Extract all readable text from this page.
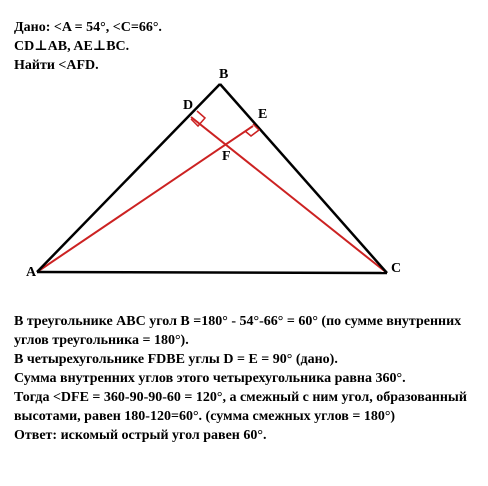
Дано: <A = 54°, <C=66°.
CD⊥AB, AE⊥BC.
Найти <AFD.
A
B
C
D
E
F
В треугольнике ABC угол B =180° - 54°-66° = 60° (по сумме внутренних углов треугольника = 180°).
В четырехугольнике FDBE углы D = E = 90° (дано).
Сумма внутренних углов этого четырехугольника равна 360°.
Тогда <DFE = 360-90-90-60 = 120°, а смежный с ним угол, образованный высотами, равен 180-120=60°. (сумма смежных углов = 180°)
Ответ: искомый острый угол равен 60°.
